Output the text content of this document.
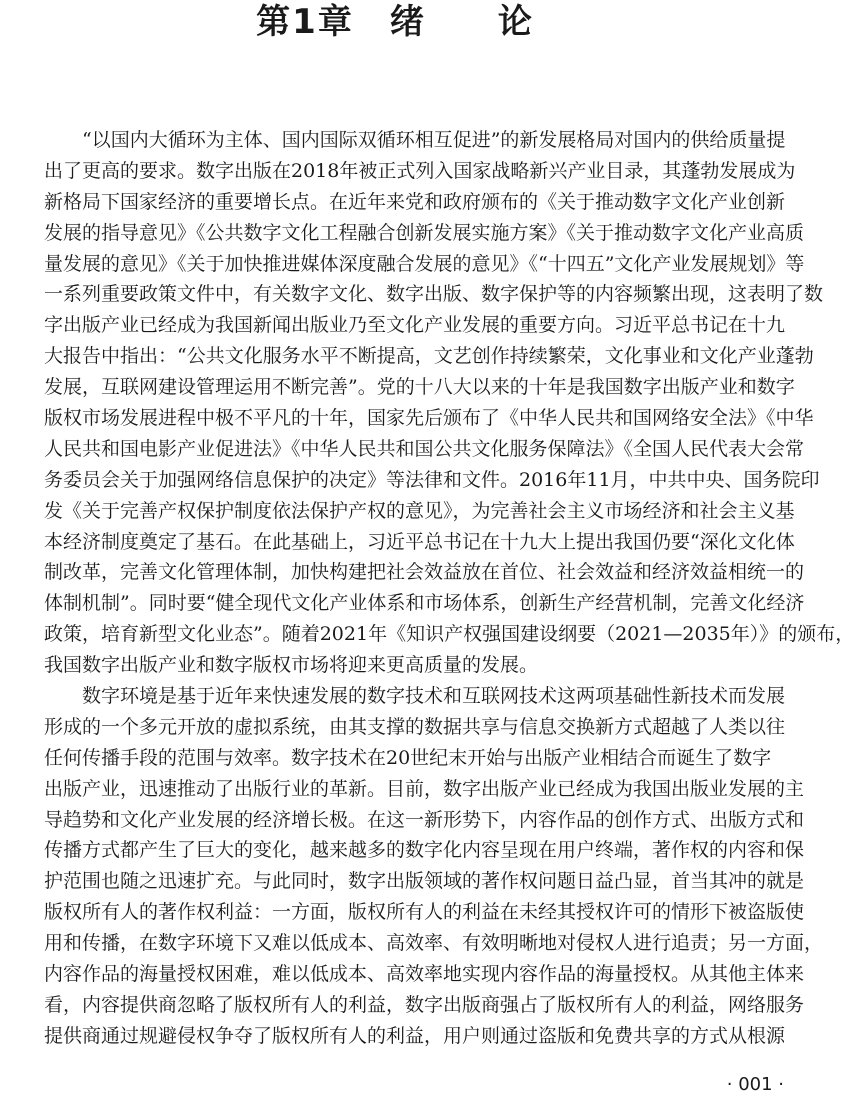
第1章　绪　　论
“以国内大循环为主体、国内国际双循环相互促进”的新发展格局对国内的供给质量提
出了更高的要求。数字出版在2018年被正式列入国家战略新兴产业目录，其蓬勃发展成为
新格局下国家经济的重要增长点。在近年来党和政府颁布的《关于推动数字文化产业创新
发展的指导意见》《公共数字文化工程融合创新发展实施方案》《关于推动数字文化产业高质
量发展的意见》《关于加快推进媒体深度融合发展的意见》《“十四五”文化产业发展规划》等
一系列重要政策文件中，有关数字文化、数字出版、数字保护等的内容频繁出现，这表明了数
字出版产业已经成为我国新闻出版业乃至文化产业发展的重要方向。习近平总书记在十九
大报告中指出：“公共文化服务水平不断提高，文艺创作持续繁荣，文化事业和文化产业蓬勃
发展，互联网建设管理运用不断完善”。党的十八大以来的十年是我国数字出版产业和数字
版权市场发展进程中极不平凡的十年，国家先后颁布了《中华人民共和国网络安全法》《中华
人民共和国电影产业促进法》《中华人民共和国公共文化服务保障法》《全国人民代表大会常
务委员会关于加强网络信息保护的决定》等法律和文件。2016年11月，中共中央、国务院印
发《关于完善产权保护制度依法保护产权的意见》，为完善社会主义市场经济和社会主义基
本经济制度奠定了基石。在此基础上，习近平总书记在十九大上提出我国仍要“深化文化体
制改革，完善文化管理体制，加快构建把社会效益放在首位、社会效益和经济效益相统一的
体制机制”。同时要“健全现代文化产业体系和市场体系，创新生产经营机制，完善文化经济
政策，培育新型文化业态”。随着2021年《知识产权强国建设纲要（2021—2035年）》的颁布，
我国数字出版产业和数字版权市场将迎来更高质量的发展。
数字环境是基于近年来快速发展的数字技术和互联网技术这两项基础性新技术而发展
形成的一个多元开放的虚拟系统，由其支撑的数据共享与信息交换新方式超越了人类以往
任何传播手段的范围与效率。数字技术在20世纪末开始与出版产业相结合而诞生了数字
出版产业，迅速推动了出版行业的革新。目前，数字出版产业已经成为我国出版业发展的主
导趋势和文化产业发展的经济增长极。在这一新形势下，内容作品的创作方式、出版方式和
传播方式都产生了巨大的变化，越来越多的数字化内容呈现在用户终端，著作权的内容和保
护范围也随之迅速扩充。与此同时，数字出版领域的著作权问题日益凸显，首当其冲的就是
版权所有人的著作权利益：一方面，版权所有人的利益在未经其授权许可的情形下被盗版使
用和传播，在数字环境下又难以低成本、高效率、有效明晰地对侵权人进行追责；另一方面，
内容作品的海量授权困难，难以低成本、高效率地实现内容作品的海量授权。从其他主体来
看，内容提供商忽略了版权所有人的利益，数字出版商强占了版权所有人的利益，网络服务
提供商通过规避侵权争夺了版权所有人的利益，用户则通过盗版和免费共享的方式从根源
· 001 ·
